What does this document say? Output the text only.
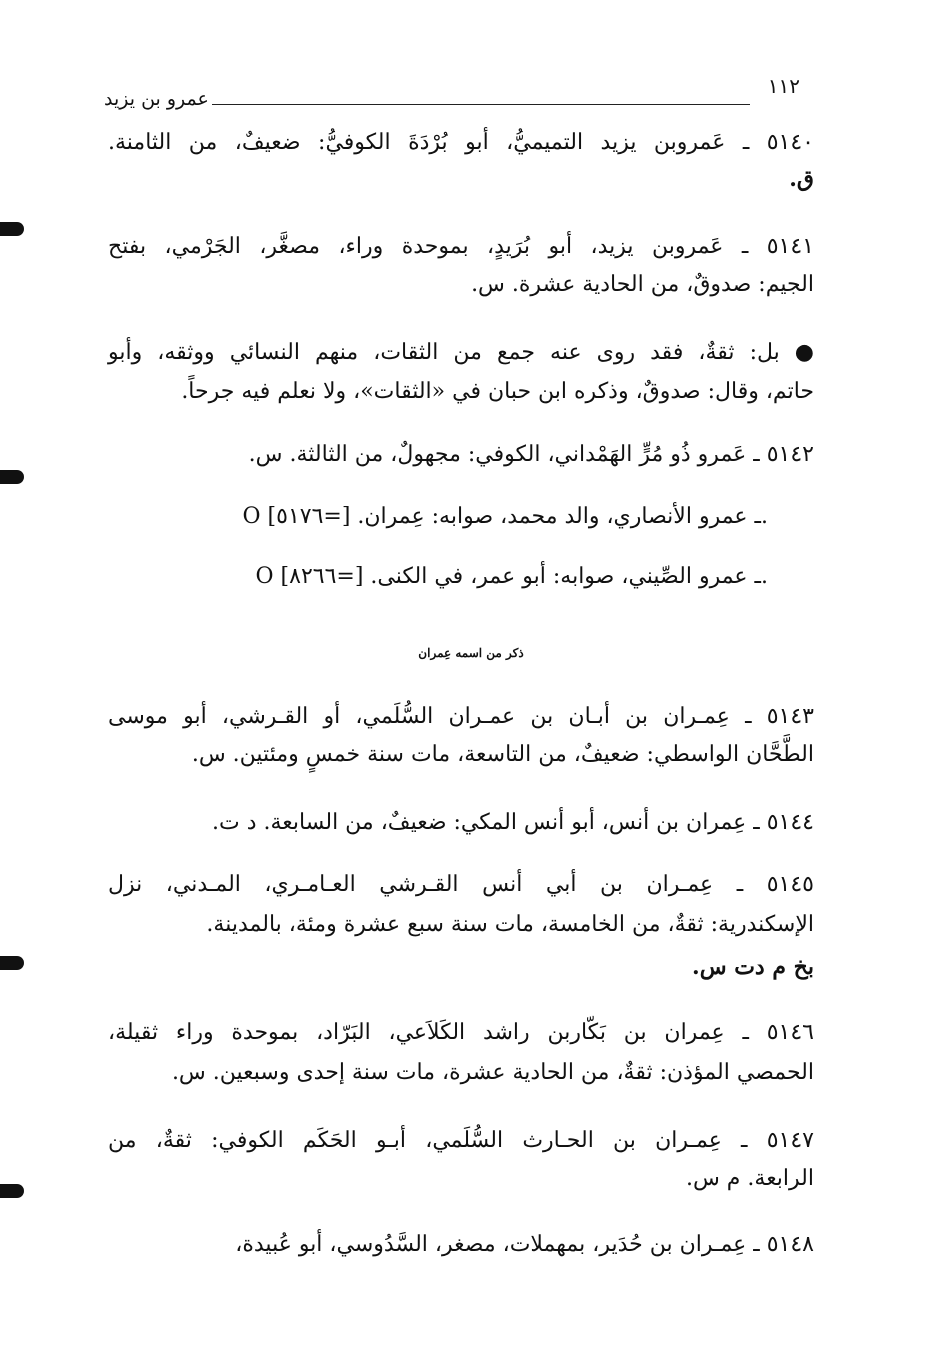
١١٢
عمرو بن يزيد
٥١٤٠ ـ عَمروبن يزيد التميميُّ، أبو بُرْدَةَ الكوفيُّ: ضعيفٌ، من الثامنة.
ق.
٥١٤١ ـ عَمروبن يزيد، أبو بُرَيدٍ، بموحدة وراء، مصغَّر، الجَرْمي، بفتح
الجيم: صدوقٌ، من الحادية عشرة. س.
● بل: ثقةٌ، فقد روى عنه جمع من الثقات، منهم النسائي ووثقه، وأبو
حاتم، وقال: صدوقٌ، وذكره ابن حبان في «الثقات»، ولا نعلم فيه جرحاً.
٥١٤٢ ـ عَمرو ذُو مُرٍّ الهَمْداني، الكوفي: مجهولٌ، من الثالثة. س.
O ـ عمرو الأنصاري، والد محمد، صوابه: عِمران. [=٥١٧٦].
O ـ عمرو الصِّيني، صوابه: أبو عمر، في الكنى. [=٨٢٦٦].
ذكر من اسمه عِمران
٥١٤٣ ـ عِمـران بن أبـان بن عمـران السُّلَمي، أو القـرشي، أبو موسى
الطَّحَّان الواسطي: ضعيفٌ، من التاسعة، مات سنة خمسٍ ومئتين. س.
٥١٤٤ ـ عِمران بن أنس، أبو أنس المكي: ضعيفٌ، من السابعة. د ت.
٥١٤٥ ـ عِمـران بن أبي أنس القـرشي العـامـري، المـدني، نزل
الإسكندرية: ثقةٌ، من الخامسة، مات سنة سبع عشرة ومئة، بالمدينة.
بخ م دت س.
٥١٤٦ ـ عِمران بن بَكّاربن راشد الكَلاَعي، البَرّاد، بموحدة وراء ثقيلة،
الحمصي المؤذن: ثقةٌ، من الحادية عشرة، مات سنة إحدى وسبعين. س.
٥١٤٧ ـ عِمـران بن الحـارث السُّلَمي، أبـو الحَكَم الكوفي: ثقةٌ، من
الرابعة. م س.
٥١٤٨ ـ عِمـران بن حُدَير، بمهملات، مصغر، السَّدُوسي، أبو عُبيدة،
